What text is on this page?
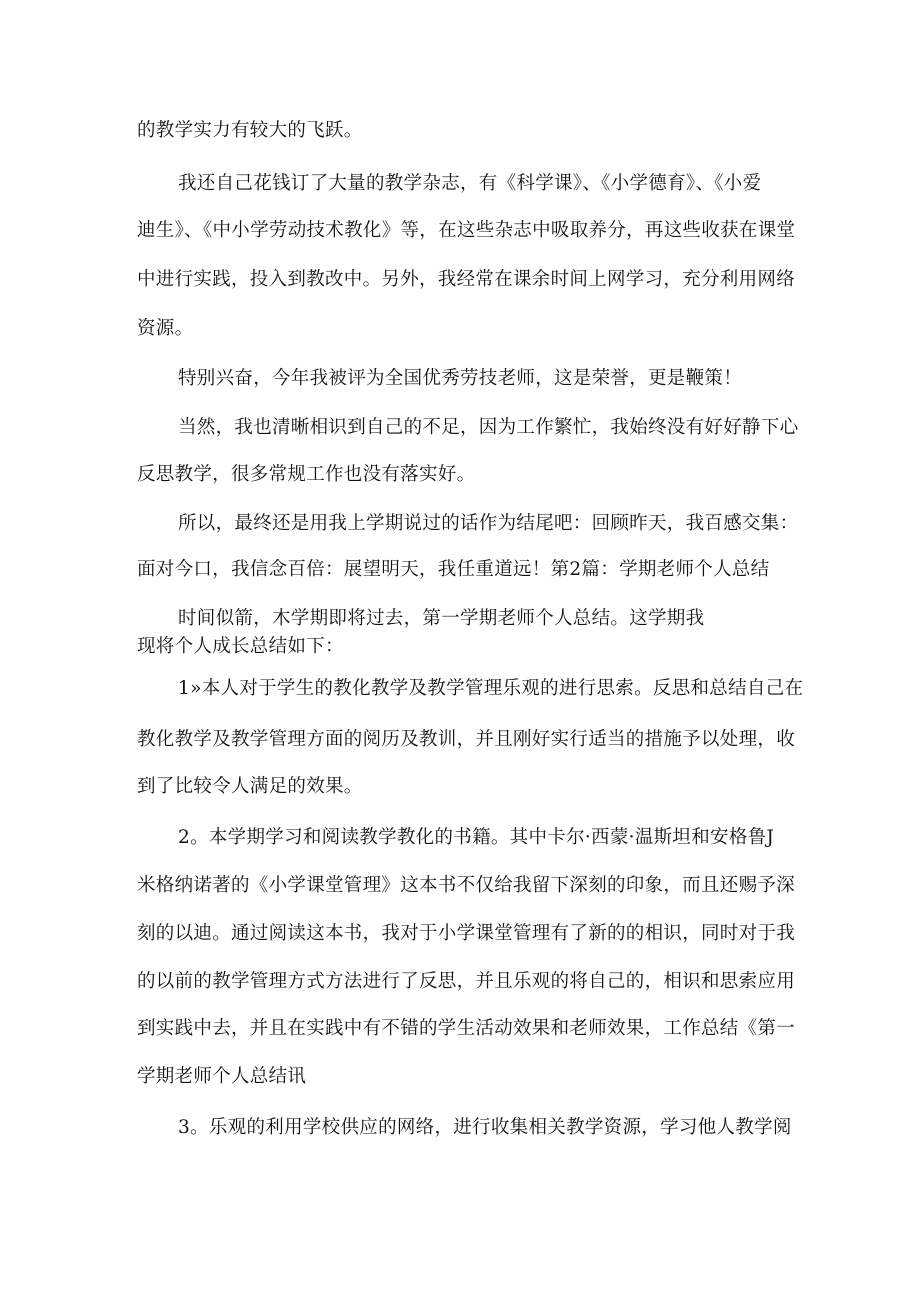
的教学实力有较大的飞跃。
我还自己花钱订了大量的教学杂志，有《科学课》、《小学德育》、《小爱
迪生》、《中小学劳动技术教化》等，在这些杂志中吸取养分，再这些收获在课堂
中进行实践，投入到教改中。另外，我经常在课余时间上网学习，充分利用网络
资源。
特别兴奋，今年我被评为全国优秀劳技老师，这是荣誉，更是鞭策！
当然，我也清晰相识到自己的不足，因为工作繁忙，我始终没有好好静下心
反思教学，很多常规工作也没有落实好。
所以，最终还是用我上学期说过的话作为结尾吧：回顾昨天，我百感交集：
面对今口，我信念百倍：展望明天，我任重道远！第2篇：学期老师个人总结
时间似箭，木学期即将过去，第一学期老师个人总结。这学期我
现将个人成长总结如下：
1»本人对于学生的教化教学及教学管理乐观的进行思索。反思和总结自己在
教化教学及教学管理方面的阅历及教训，并且刚好实行适当的措施予以处理，收
到了比较令人满足的效果。
2。本学期学习和阅读教学教化的书籍。其中卡尔·西蒙·温斯坦和安格鲁J
米格纳诺著的《小学课堂管理》这本书不仅给我留下深刻的印象，而且还赐予深
刻的以迪。通过阅读这本书，我对于小学课堂管理有了新的的相识，同时对于我
的以前的教学管理方式方法进行了反思，并且乐观的将自己的，相识和思索应用
到实践中去，并且在实践中有不错的学生活动效果和老师效果，工作总结《第一
学期老师个人总结讯
3。乐观的利用学校供应的网络，进行收集相关教学资源，学习他人教学阅
